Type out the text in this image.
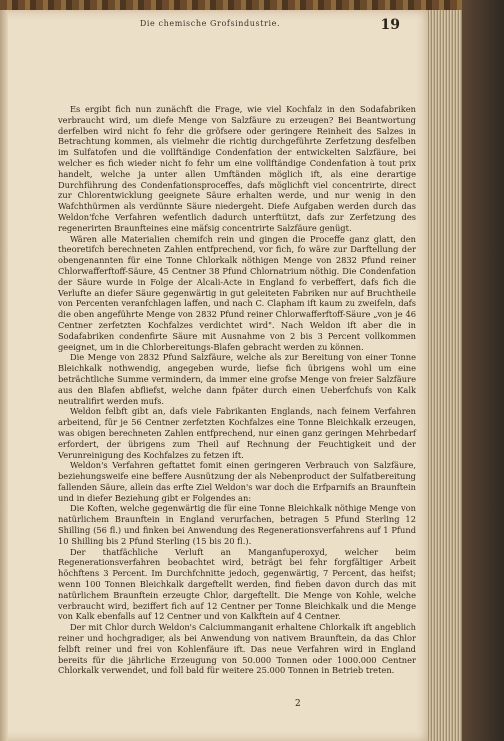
Die chemische Grofsindustrie.	19

Es ergibt fich nun zunächft die Frage, wie viel Kochfalz in den Sodafabriken verbraucht wird, um diefe Menge von Salzfäure zu erzeugen? Bei Beantwortung derfelben wird nicht fo fehr die gröfsere oder geringere Reinheit des Salzes in Betrachtung kommen, als vielmehr die richtig durchgeführte Zerfetzung desfelben im Sulfatofen und die vollftändige Condenfation der entwickelten Salzfäure, bei welcher es fich wieder nicht fo fehr um eine vollftändige Condenfation à tout prix handelt, welche ja unter allen Umftänden möglich ift, als eine derartige Durchführung des Condenfationsproceffes, dafs möglichft viel concentrirte, direct zur Chlorentwicklung geeignete Säure erhalten werde, und nur wenig in den Wafchthürmen als verdünnte Säure niedergeht. Diefe Aufgaben werden durch das Weldon'fche Verfahren wefentlich dadurch unterftützt, dafs zur Zerfetzung des regenerirten Braunfteines eine mäfsig concentrirte Salzfäure genügt.

Wären alle Materialien chemifch rein und gingen die Proceffe ganz glatt, den theoretifch berechneten Zahlen entfprechend, vor fich, fo wäre zur Darftellung der obengenannten für eine Tonne Chlorkalk nöthigen Menge von 2832 Pfund reiner Chlorwafferftoff-Säure, 45 Centner 38 Pfund Chlornatrium nöthig. Die Condenfation der Säure wurde in Folge der Alcali-Acte in England fo verbeffert, dafs fich die Verlufte an diefer Säure gegenwärtig in gut geleiteten Fabriken nur auf Bruchtheile von Percenten veranfchlagen laffen, und nach C. Clapham ift kaum zu zweifeln, dafs die oben angeführte Menge von 2832 Pfund reiner Chlorwafferftoff-Säure „von je 46 Centner zerfetzten Kochfalzes verdichtet wird". Nach Weldon ift aber die in Sodafabriken condenfirte Säure mit Ausnahme von 2 bis 3 Percent vollkommen geeignet, um in die Chlorbereitungs-Blafen gebracht werden zu können.

Die Menge von 2832 Pfund Salzfäure, welche als zur Bereitung von einer Tonne Bleichkalk nothwendig, angegeben wurde, liefse fich übrigens wohl um eine beträchtliche Summe vermindern, da immer eine grofse Menge von freier Salzfäure aus den Blafen abfliefst, welche dann fpäter durch einen Ueberfchufs von Kalk neutralifirt werden mufs.

Weldon felbft gibt an, dafs viele Fabrikanten Englands, nach feinem Verfahren arbeitend, für je 56 Centner zerfetzten Kochfalzes eine Tonne Bleichkalk erzeugen, was obigen berechneten Zahlen entfprechend, nur einen ganz geringen Mehrbedarf erfordert, der übrigens zum Theil auf Rechnung der Feuchtigkeit und der Verunreinigung des Kochfalzes zu fetzen ift.

Weldon's Verfahren geftattet fomit einen geringeren Verbrauch von Salzfäure, beziehungsweife eine beffere Ausnützung der als Nebenproduct der Sulfatbereitung fallenden Säure, allein das erfte Ziel Weldon's war doch die Erfparnifs an Braunftein und in diefer Beziehung gibt er Folgendes an:

Die Koften, welche gegenwärtig die für eine Tonne Bleichkalk nöthige Menge von natürlichem Braunftein in England verurfachen, betragen 5 Pfund Sterling 12 Shilling (56 fl.) und finken bei Anwendung des Regenerationsverfahrens auf 1 Pfund 10 Shilling bis 2 Pfund Sterling (15 bis 20 fl.).

Der thatfächliche Verluft an Manganfuperoxyd, welcher beim Regenerationsverfahren beobachtet wird, beträgt bei fehr forgfältiger Arbeit höchftens 3 Percent. Im Durchfchnitte jedoch, gegenwärtig, 7 Percent, das heifst; wenn 100 Tonnen Bleichkalk dargeftellt werden, find fieben davon durch das mit natürlichem Braunftein erzeugte Chlor, dargeftellt. Die Menge von Kohle, welche verbraucht wird, beziffert fich auf 12 Centner per Tonne Bleichkalk und die Menge von Kalk ebenfalls auf 12 Centner und von Kalkftein auf 4 Centner.

Der mit Chlor durch Weldon's Calciummanganit erhaltene Chlorkalk ift angeblich reiner und hochgradiger, als bei Anwendung von nativem Braunftein, da das Chlor felbft reiner und frei von Kohlenfäure ift. Das neue Verfahren wird in England bereits für die jährliche Erzeugung von 50.000 Tonnen oder 1000.000 Centner Chlorkalk verwendet, und foll bald für weitere 25.000 Tonnen in Betrieb treten.

2
